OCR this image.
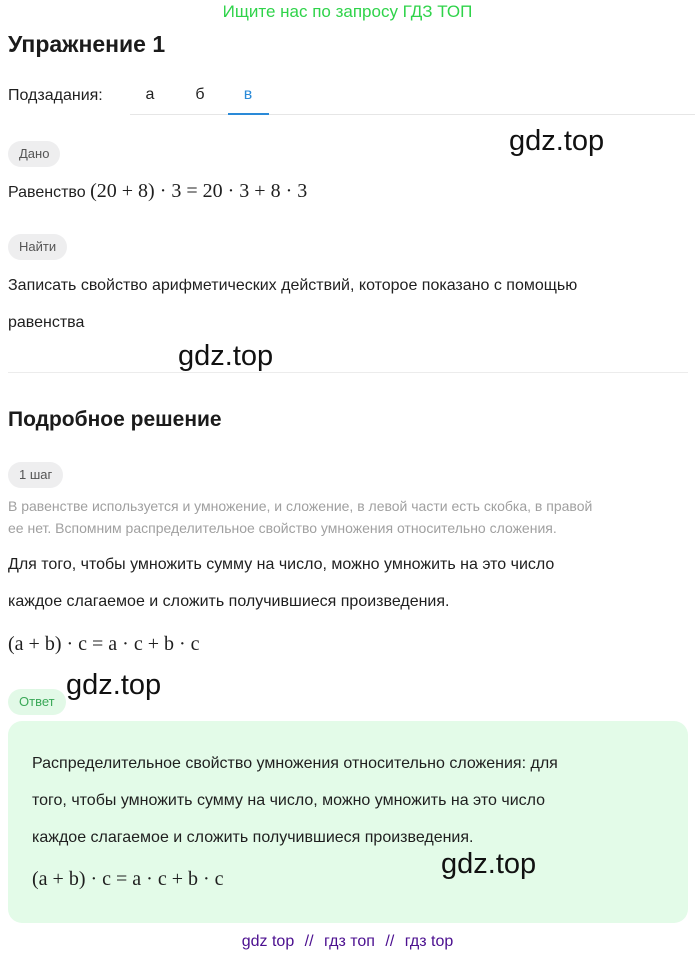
Ищите нас по запросу ГДЗ ТОП
Упражнение 1
Подзадания:	а	б	в
Дано
Равенство (20 + 8) · 3 = 20 · 3 + 8 · 3
gdz.top
Найти
Записать свойство арифметических действий, которое показано с помощью
равенства
gdz.top
Подробное решение
1 шаг
В равенстве используется и умножение, и сложение, в левой части есть скобка, в правой
ее нет. Вспомним распределительное свойство умножения относительно сложения.
Для того, чтобы умножить сумму на число, можно умножить на это число
каждое слагаемое и сложить получившиеся произведения.
(a + b) · c = a · c + b · c
Ответ
gdz.top
Распределительное свойство умножения относительно сложения: для
того, чтобы умножить сумму на число, можно умножить на это число
каждое слагаемое и сложить получившиеся произведения.
(a + b) · c = a · c + b · c	gdz.top
gdz top // гдз топ // гдз top
